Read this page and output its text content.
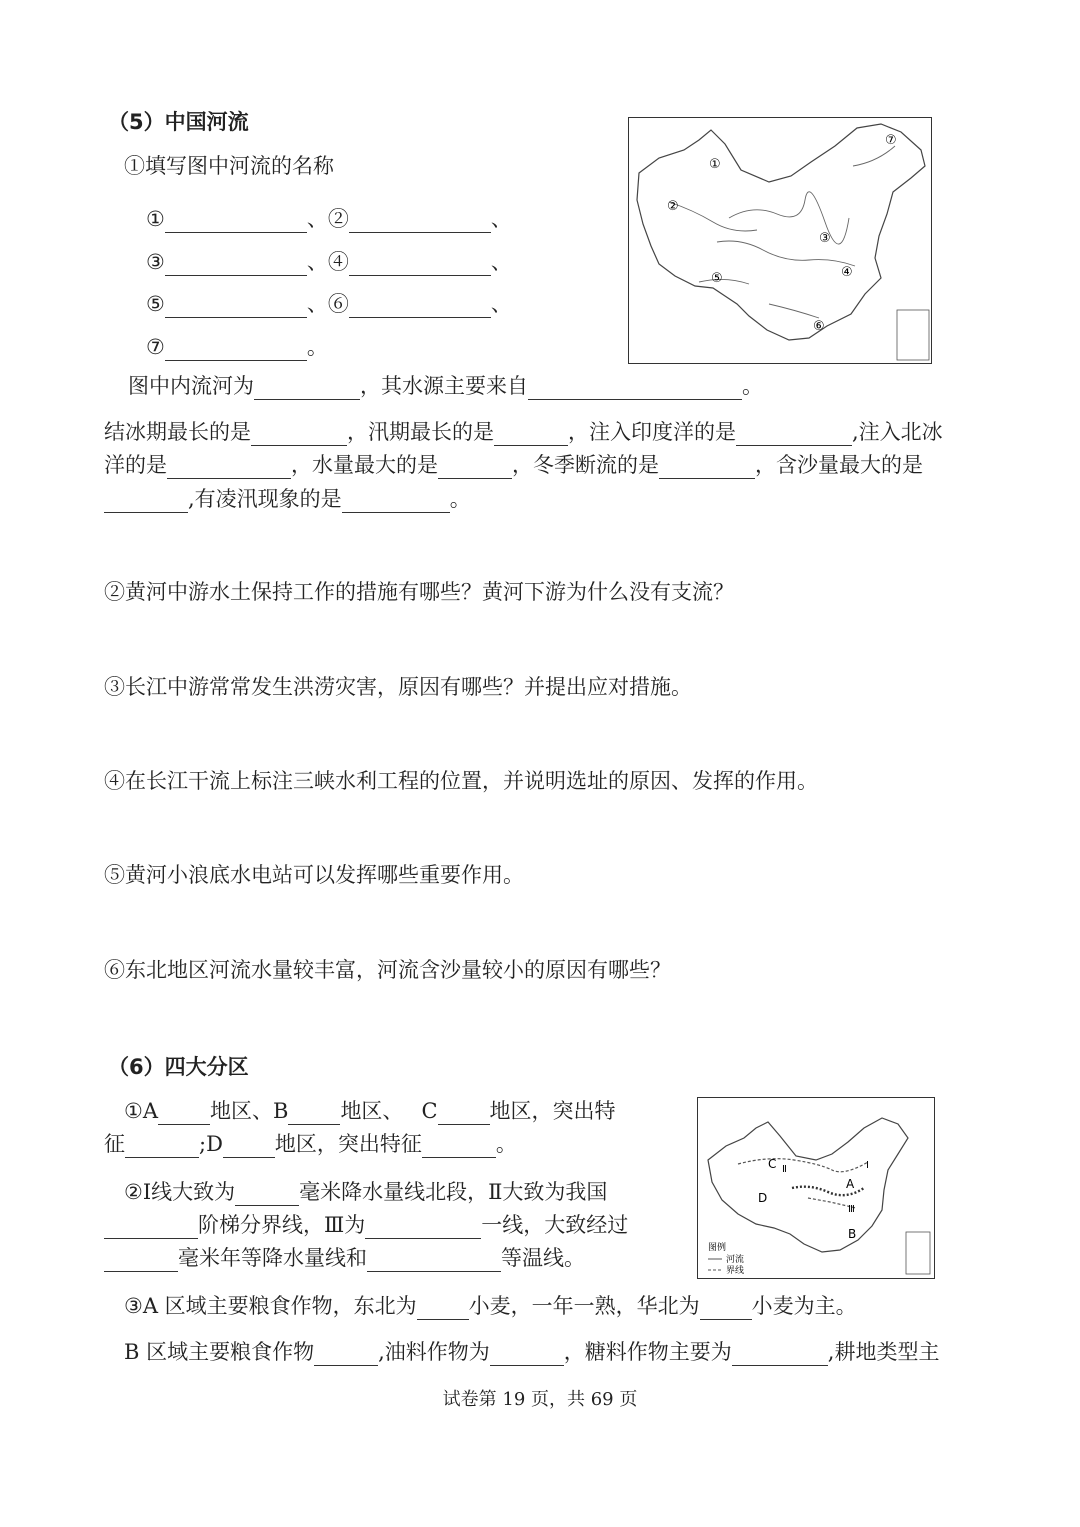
（5）中国河流
①填写图中河流的名称
①	、②	、
③	、④	、
⑤	、⑥	、
⑦	。
图中内流河为	，其水源主要来自	。
结冰期最长的是	，汛期最长的是	，注入印度洋的是	,注入北冰
洋的是	，水量最大的是	，冬季断流的是	，含沙量最大的是
,有凌汛现象的是	。
②黄河中游水土保持工作的措施有哪些？黄河下游为什么没有支流？
③长江中游常常发生洪涝灾害，原因有哪些？并提出应对措施。
④在长江干流上标注三峡水利工程的位置，并说明选址的原因、发挥的作用。
⑤黄河小浪底水电站可以发挥哪些重要作用。
⑥东北地区河流水量较丰富，河流含沙量较小的原因有哪些？
①
②
③
④
⑤
⑥
⑦
（6）四大分区
①A 地区、B 地区、 C 地区，突出特
征	;D 地区，突出特征	。
②Ⅰ线大致为	毫米降水量线北段，Ⅱ大致为我国
阶梯分界线，Ⅲ为	一线，大致经过
毫米年等降水量线和	等温线。
③A 区域主要粮食作物，东北为 小麦，一年一熟，华北为 小麦为主。
B 区域主要粮食作物	,油料作物为	，糖料作物主要为	,耕地类型主
A
B
C
D
Ⅰ
Ⅱ
Ⅲ
图例
河流
界线
试卷第 19 页，共 69 页
